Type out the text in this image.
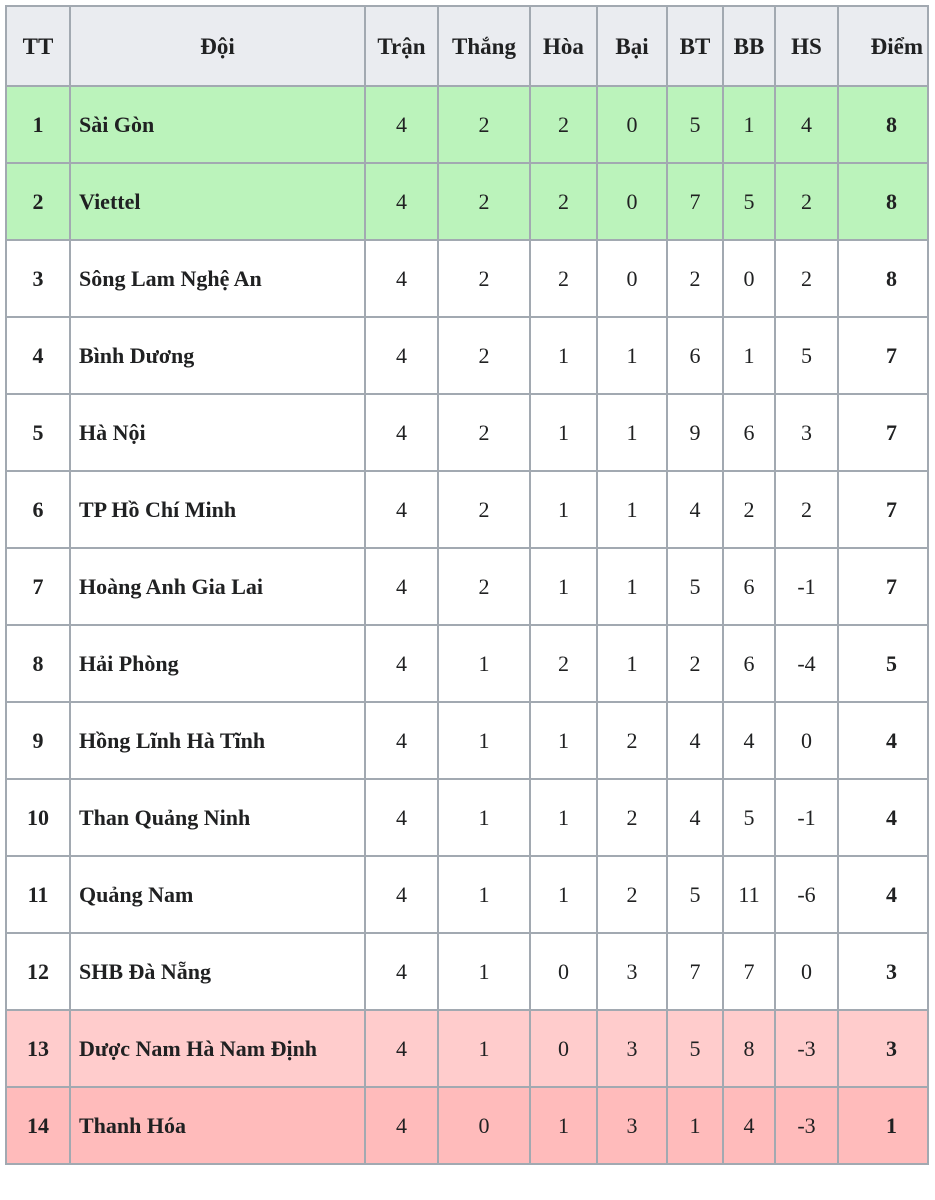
TT	Đội	Trận	Thắng	Hòa	Bại	BT	BB	HS	Điểm
1	Sài Gòn	4	2	2	0	5	1	4	8
2	Viettel	4	2	2	0	7	5	2	8
3	Sông Lam Nghệ An	4	2	2	0	2	0	2	8
4	Bình Dương	4	2	1	1	6	1	5	7
5	Hà Nội	4	2	1	1	9	6	3	7
6	TP Hồ Chí Minh	4	2	1	1	4	2	2	7
7	Hoàng Anh Gia Lai	4	2	1	1	5	6	-1	7
8	Hải Phòng	4	1	2	1	2	6	-4	5
9	Hồng Lĩnh Hà Tĩnh	4	1	1	2	4	4	0	4
10	Than Quảng Ninh	4	1	1	2	4	5	-1	4
11	Quảng Nam	4	1	1	2	5	11	-6	4
12	SHB Đà Nẵng	4	1	0	3	7	7	0	3
13	Dược Nam Hà Nam Định	4	1	0	3	5	8	-3	3
14	Thanh Hóa	4	0	1	3	1	4	-3	1
